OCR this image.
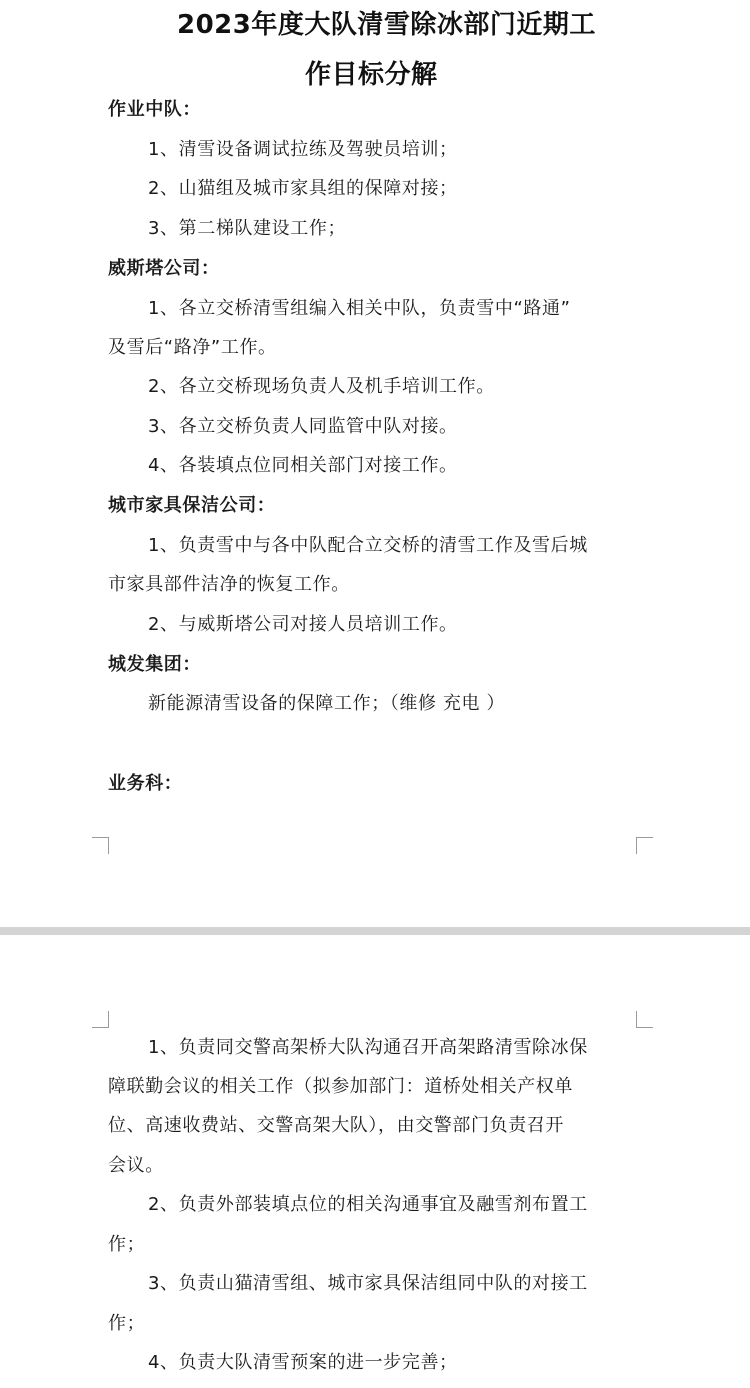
2023年度大队清雪除冰部门近期工
作目标分解
作业中队：
1、清雪设备调试拉练及驾驶员培训；
2、山猫组及城市家具组的保障对接；
3、第二梯队建设工作；
威斯塔公司：
1、各立交桥清雪组编入相关中队，负责雪中“路通”
及雪后“路净”工作。
2、各立交桥现场负责人及机手培训工作。
3、各立交桥负责人同监管中队对接。
4、各装填点位同相关部门对接工作。
城市家具保洁公司：
1、负责雪中与各中队配合立交桥的清雪工作及雪后城
市家具部件洁净的恢复工作。
2、与威斯塔公司对接人员培训工作。
城发集团：
新能源清雪设备的保障工作；（维修 充电 ）
业务科：
1、负责同交警高架桥大队沟通召开高架路清雪除冰保
障联勤会议的相关工作（拟参加部门：道桥处相关产权单
位、高速收费站、交警高架大队），由交警部门负责召开
会议。
2、负责外部装填点位的相关沟通事宜及融雪剂布置工
作；
3、负责山猫清雪组、城市家具保洁组同中队的对接工
作；
4、负责大队清雪预案的进一步完善；
